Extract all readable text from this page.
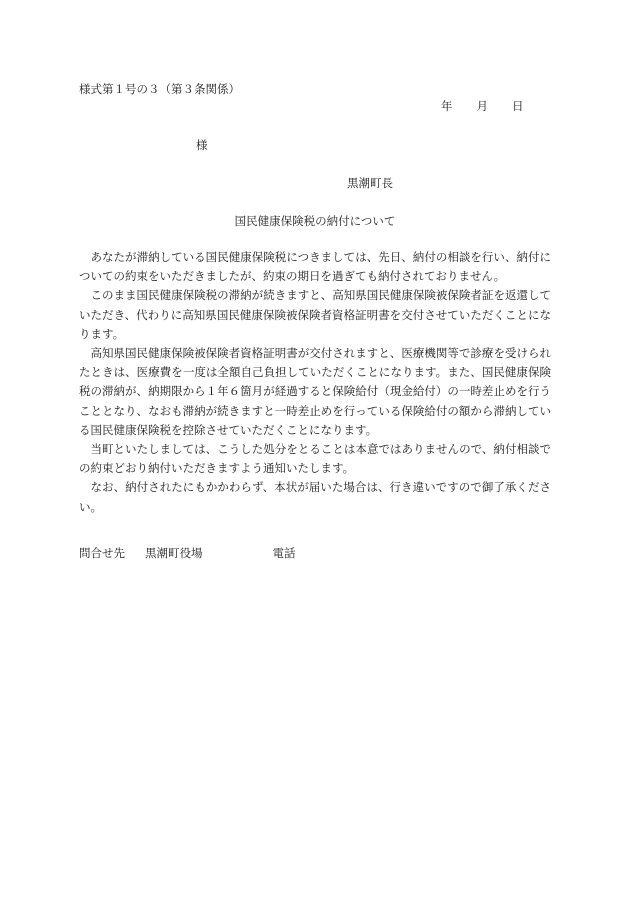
様式第１号の３（第３条関係）
年 月 日
様
黒潮町長
国民健康保険税の納付について

あなたが滞納している国民健康保険税につきましては、先日、納付の相談を行い、納付についての約束をいただきましたが、約束の期日を過ぎても納付されておりません。

このまま国民健康保険税の滞納が続きますと、高知県国民健康保険被保険者証を返還していただき、代わりに高知県国民健康保険被保険者資格証明書を交付させていただくことになります。

高知県国民健康保険被保険者資格証明書が交付されますと、医療機関等で診療を受けられたときは、医療費を一度は全額自己負担していただくことになります。また、国民健康保険税の滞納が、納期限から１年６箇月が経過すると保険給付（現金給付）の一時差止めを行うこととなり、なおも滞納が続きますと一時差止めを行っている保険給付の額から滞納している国民健康保険税を控除させていただくことになります。

当町といたしましては、こうした処分をとることは本意ではありませんので、納付相談での約束どおり納付いただきますよう通知いたします。

なお、納付されたにもかかわらず、本状が届いた場合は、行き違いですので御了承ください。

問合せ先 黒潮町役場	電話
